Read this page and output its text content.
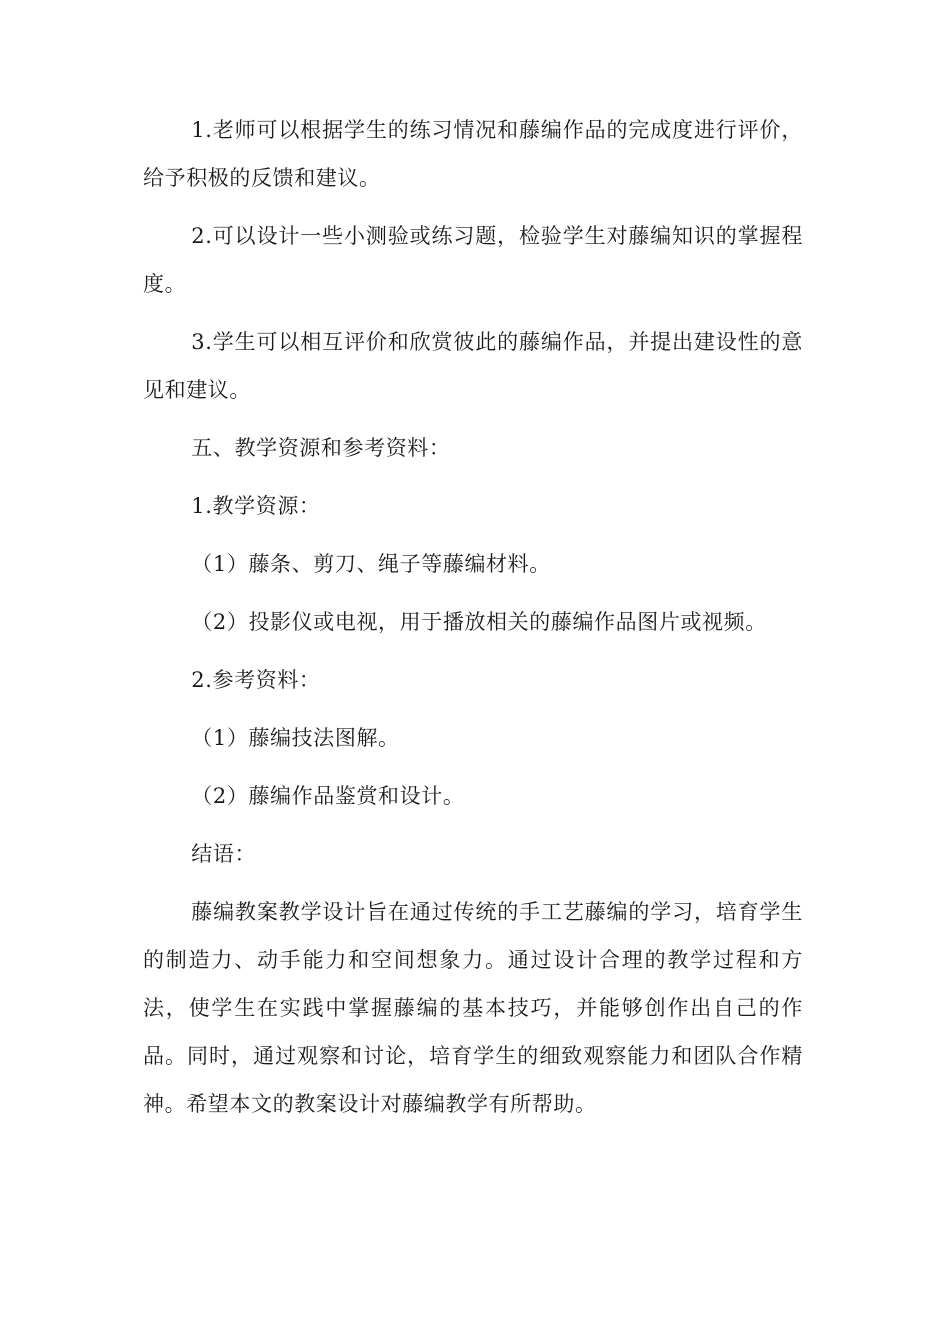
1.老师可以根据学生的练习情况和藤编作品的完成度进行评价，给予积极的反馈和建议。

2.可以设计一些小测验或练习题，检验学生对藤编知识的掌握程度。

3.学生可以相互评价和欣赏彼此的藤编作品，并提出建设性的意见和建议。

五、教学资源和参考资料：

1.教学资源：

（1）藤条、剪刀、绳子等藤编材料。

（2）投影仪或电视，用于播放相关的藤编作品图片或视频。

2.参考资料：

（1）藤编技法图解。

（2）藤编作品鉴赏和设计。

结语：

藤编教案教学设计旨在通过传统的手工艺藤编的学习，培育学生的制造力、动手能力和空间想象力。通过设计合理的教学过程和方法，使学生在实践中掌握藤编的基本技巧，并能够创作出自己的作品。同时，通过观察和讨论，培育学生的细致观察能力和团队合作精神。希望本文的教案设计对藤编教学有所帮助。
